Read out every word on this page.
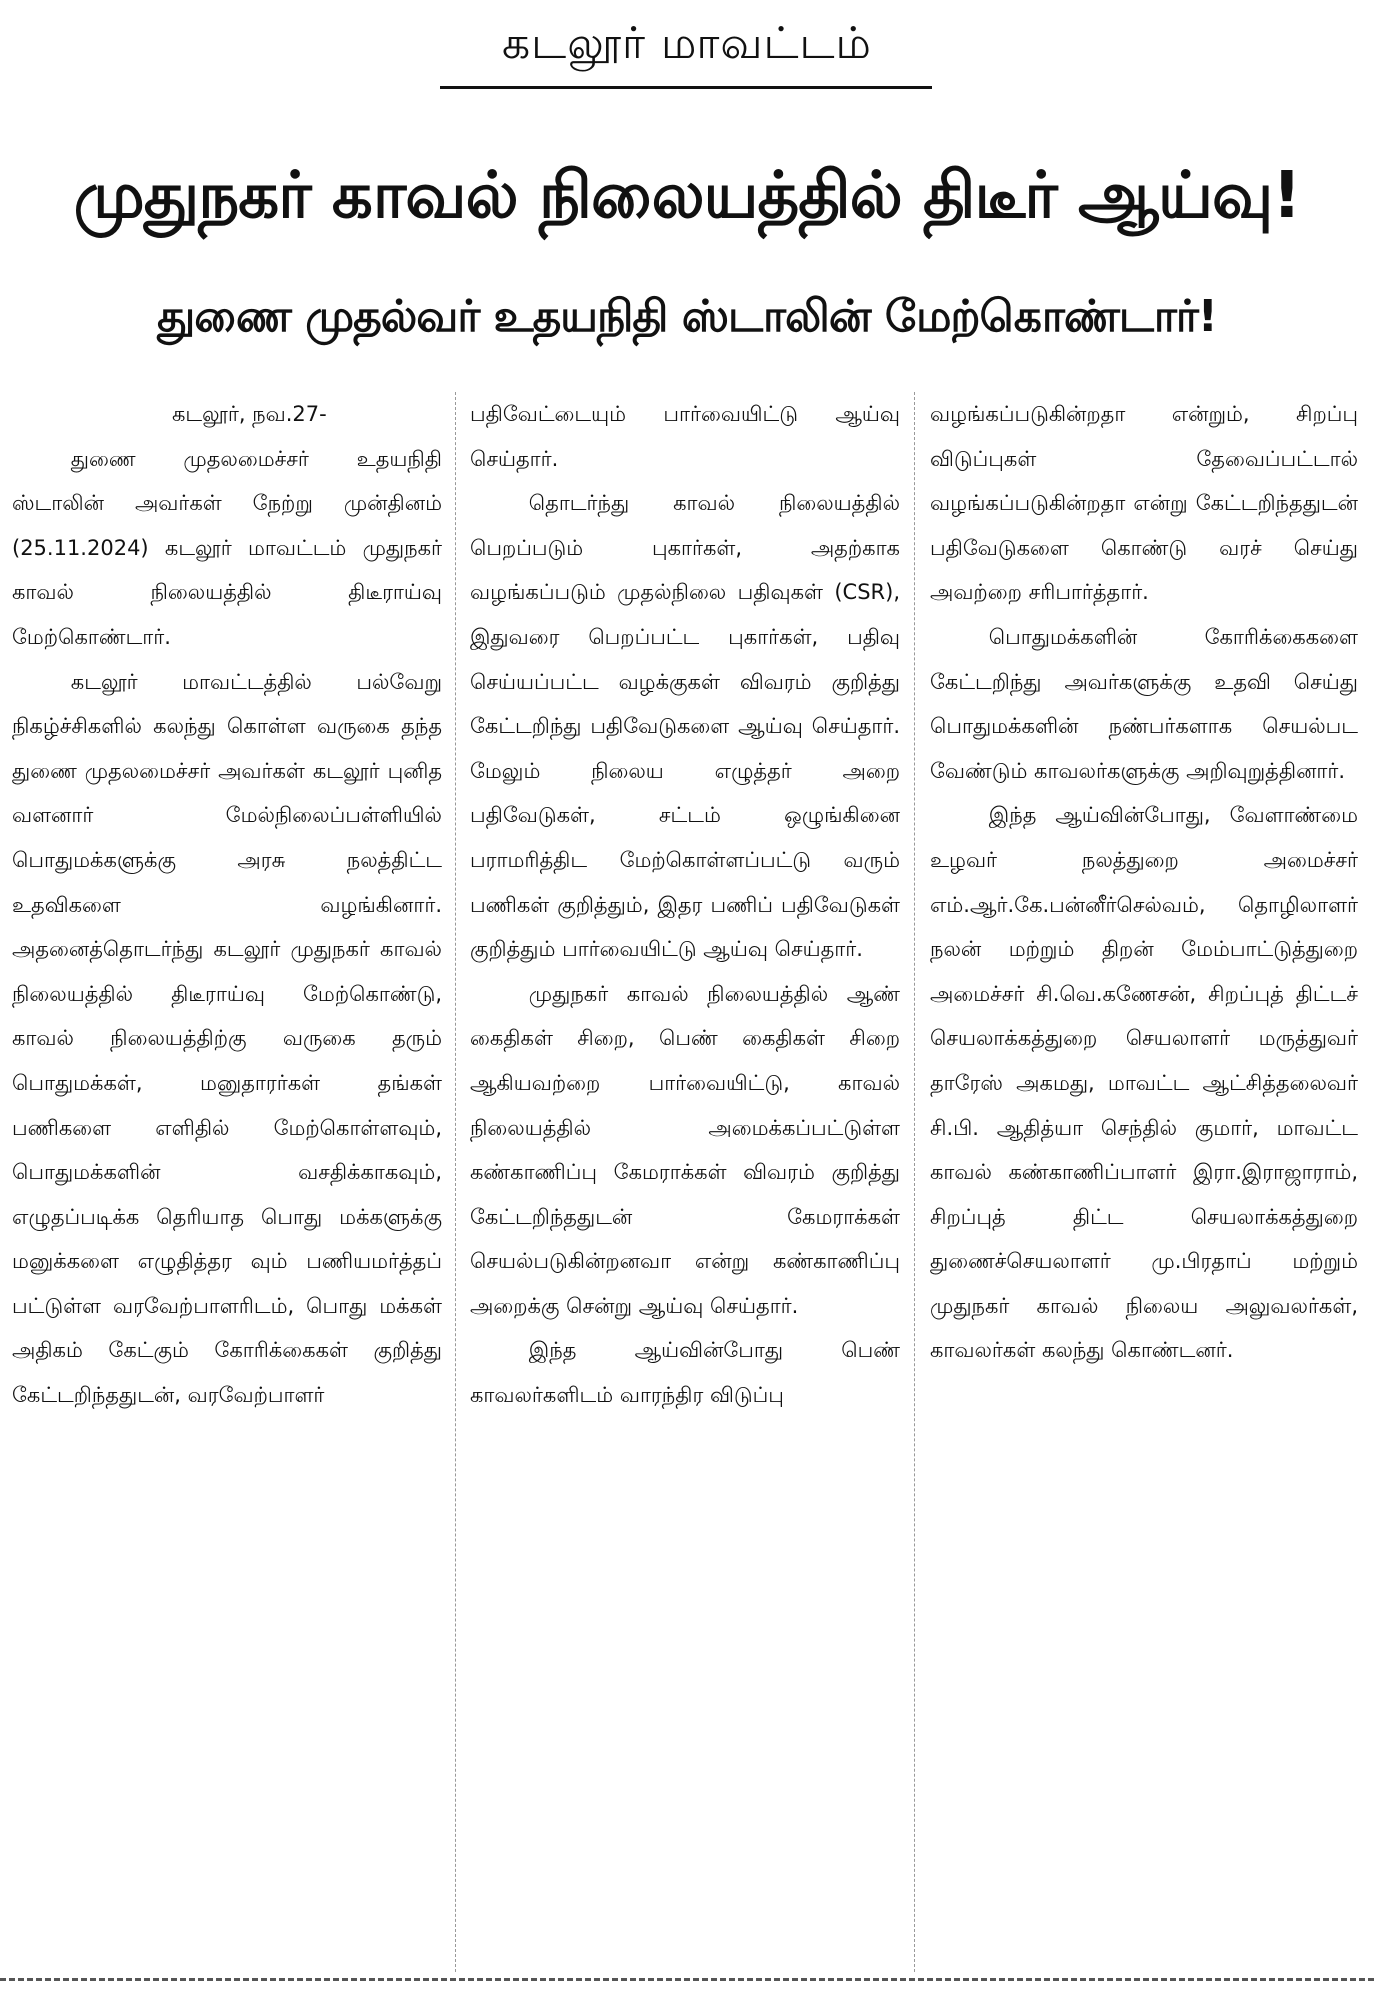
கடலூர் மாவட்டம்
முதுநகர் காவல் நிலையத்தில் திடீர் ஆய்வு!
துணை முதல்வர் உதயநிதி ஸ்டாலின் மேற்கொண்டார்!

கடலூர், நவ.27-

துணை முதலமைச்சர் உதயநிதி ஸ்டாலின் அவர்கள் நேற்று முன்தினம் (25.11.2024) கடலூர் மாவட்டம் முதுநகர் காவல் நிலையத்தில் திடீராய்வு மேற்கொண்டார்.

கடலூர் மாவட்டத்தில் பல்வேறு நிகழ்ச்சிகளில் கலந்து கொள்ள வருகை தந்த துணை முதலமைச்சர் அவர்கள் கடலூர் புனித வளனார் மேல்நிலைப்பள்ளியில் பொதுமக்களுக்கு அரசு நலத்திட்ட உதவிகளை வழங்கினார். அதனைத்தொடர்ந்து கடலூர் முதுநகர் காவல் நிலையத்தில் திடீராய்வு மேற்கொண்டு, காவல் நிலையத்திற்கு வருகை தரும் பொதுமக்கள், மனுதாரர்கள் தங்கள் பணிகளை எளிதில் மேற்கொள்ளவும், பொதுமக்களின் வசதிக்காகவும், எழுதப்படிக்க தெரியாத பொது மக்களுக்கு மனுக்களை எழுதித்தர வும் பணியமர்த்தப் பட்டுள்ள வரவேற்பாளரிடம், பொது மக்கள் அதிகம் கேட்கும் கோரிக்கைகள் குறித்து கேட்டறிந்ததுடன், வரவேற்பாளர்

பதிவேட்டையும் பார்வையிட்டு ஆய்வு செய்தார்.

தொடர்ந்து காவல் நிலையத்தில் பெறப்படும் புகார்கள், அதற்காக வழங்கப்படும் முதல்நிலை பதிவுகள் (CSR), இதுவரை பெறப்பட்ட புகார்கள், பதிவு செய்யப்பட்ட வழக்குகள் விவரம் குறித்து கேட்டறிந்து பதிவேடுகளை ஆய்வு செய்தார். மேலும் நிலைய எழுத்தர் அறை பதிவேடுகள், சட்டம் ஒழுங்கினை பராமரித்திட மேற்கொள்ளப்பட்டு வரும் பணிகள் குறித்தும், இதர பணிப் பதிவேடுகள் குறித்தும் பார்வையிட்டு ஆய்வு செய்தார்.

முதுநகர் காவல் நிலையத்தில் ஆண் கைதிகள் சிறை, பெண் கைதிகள் சிறை ஆகியவற்றை பார்வையிட்டு, காவல் நிலையத்தில் அமைக்கப்பட்டுள்ள கண்காணிப்பு கேமராக்கள் விவரம் குறித்து கேட்டறிந்ததுடன் கேமராக்கள் செயல்படுகின்றனவா என்று கண்காணிப்பு அறைக்கு சென்று ஆய்வு செய்தார்.

இந்த ஆய்வின்போது பெண் காவலர்களிடம் வாரந்திர விடுப்பு

வழங்கப்படுகின்றதா என்றும், சிறப்பு விடுப்புகள் தேவைப்பட்டால் வழங்கப்படுகின்றதா என்று கேட்டறிந்ததுடன் பதிவேடுகளை கொண்டு வரச் செய்து அவற்றை சரிபார்த்தார்.

பொதுமக்களின் கோரிக்கைகளை கேட்டறிந்து அவர்களுக்கு உதவி செய்து பொதுமக்களின் நண்பர்களாக செயல்பட வேண்டும் காவலர்களுக்கு அறிவுறுத்தினார்.

இந்த ஆய்வின்போது, வேளாண்மை உழவர் நலத்துறை அமைச்சர் எம்.ஆர்.கே.பன்னீர்செல்வம், தொழிலாளர் நலன் மற்றும் திறன் மேம்பாட்டுத்துறை அமைச்சர் சி.வெ.கணேசன், சிறப்புத் திட்டச் செயலாக்கத்துறை செயலாளர் மருத்துவர் தாரேஸ் அகமது, மாவட்ட ஆட்சித்தலைவர் சி.பி. ஆதித்யா செந்தில் குமார், மாவட்ட காவல் கண்காணிப்பாளர் இரா.இராஜாராம், சிறப்புத் திட்ட செயலாக்கத்துறை துணைச்செயலாளர் மு.பிரதாப் மற்றும் முதுநகர் காவல் நிலைய அலுவலர்கள், காவலர்கள் கலந்து கொண்டனர்.
